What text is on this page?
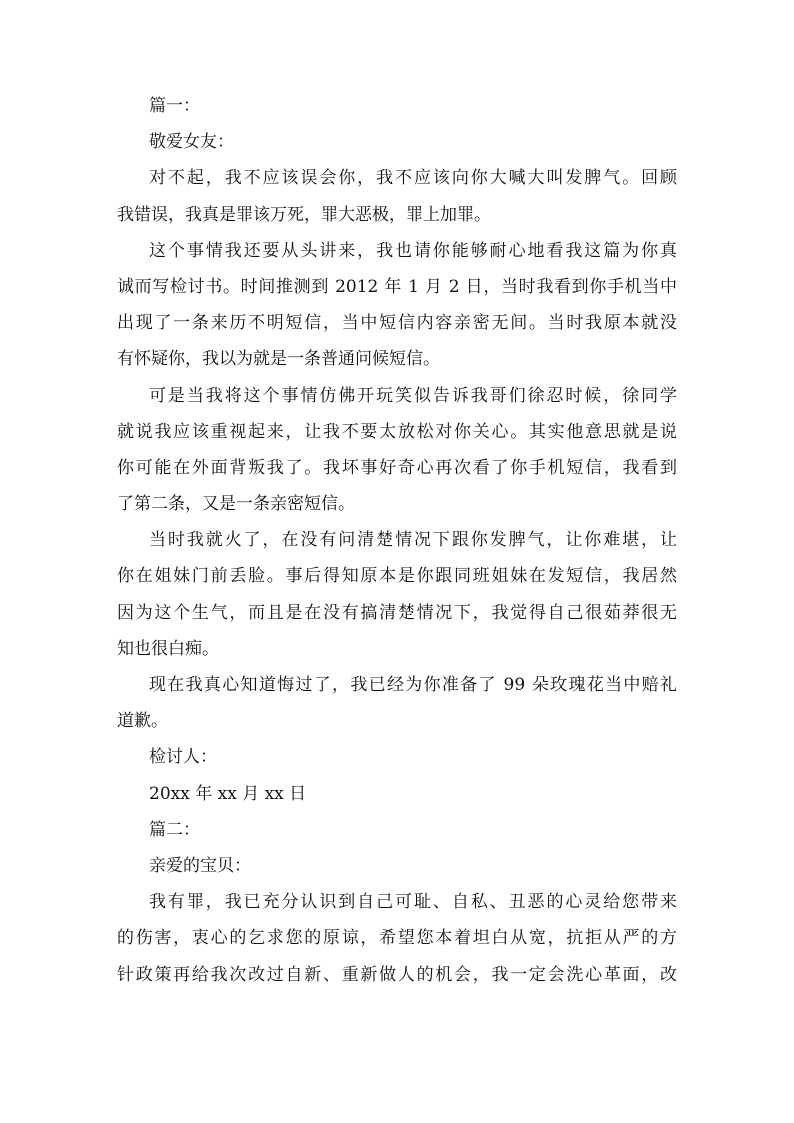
篇一：
敬爱女友：
对不起，我不应该误会你，我不应该向你大喊大叫发脾气。回顾
我错误，我真是罪该万死，罪大恶极，罪上加罪。
这个事情我还要从头讲来，我也请你能够耐心地看我这篇为你真
诚而写检讨书。时间推测到 2012 年 1 月 2 日，当时我看到你手机当中
出现了一条来历不明短信，当中短信内容亲密无间。当时我原本就没
有怀疑你，我以为就是一条普通问候短信。
可是当我将这个事情仿佛开玩笑似告诉我哥们徐忍时候，徐同学
就说我应该重视起来，让我不要太放松对你关心。其实他意思就是说
你可能在外面背叛我了。我坏事好奇心再次看了你手机短信，我看到
了第二条，又是一条亲密短信。
当时我就火了，在没有问清楚情况下跟你发脾气，让你难堪，让
你在姐妹门前丢脸。事后得知原本是你跟同班姐妹在发短信，我居然
因为这个生气，而且是在没有搞清楚情况下，我觉得自己很茹莽很无
知也很白痴。
现在我真心知道悔过了，我已经为你准备了 99 朵玫瑰花当中赔礼
道歉。
检讨人：
20xx 年 xx 月 xx 日
篇二：
亲爱的宝贝：
我有罪，我已充分认识到自己可耻、自私、丑恶的心灵给您带来
的伤害，衷心的乞求您的原谅，希望您本着坦白从宽，抗拒从严的方
针政策再给我次改过自新、重新做人的机会，我一定会洗心革面，改
